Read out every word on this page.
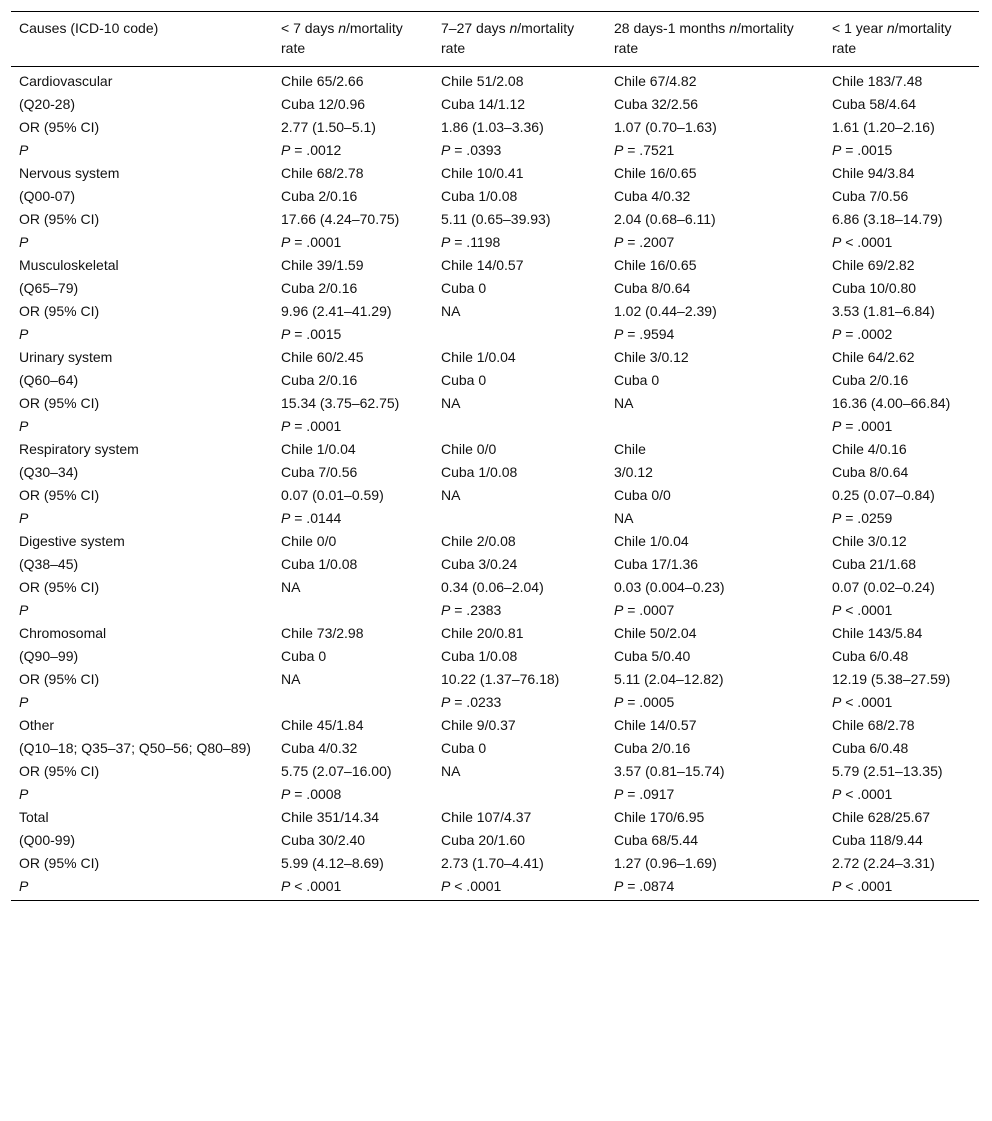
Causes (ICD-10 code)	< 7 days n/mortality rate	7–27 days n/mortality rate	28 days-1 months n/mortality rate	< 1 year n/mortality rate
Cardiovascular	Chile 65/2.66	Chile 51/2.08	Chile 67/4.82	Chile 183/7.48
(Q20-28)	Cuba 12/0.96	Cuba 14/1.12	Cuba 32/2.56	Cuba 58/4.64
OR (95% CI)	2.77 (1.50–5.1)	1.86 (1.03–3.36)	1.07 (0.70–1.63)	1.61 (1.20–2.16)
P	P = .0012	P = .0393	P = .7521	P = .0015
Nervous system	Chile 68/2.78	Chile 10/0.41	Chile 16/0.65	Chile 94/3.84
(Q00-07)	Cuba 2/0.16	Cuba 1/0.08	Cuba 4/0.32	Cuba 7/0.56
OR (95% CI)	17.66 (4.24–70.75)	5.11 (0.65–39.93)	2.04 (0.68–6.11)	6.86 (3.18–14.79)
P	P = .0001	P = .1198	P = .2007	P < .0001
Musculoskeletal	Chile 39/1.59	Chile 14/0.57	Chile 16/0.65	Chile 69/2.82
(Q65–79)	Cuba 2/0.16	Cuba 0	Cuba 8/0.64	Cuba 10/0.80
OR (95% CI)	9.96 (2.41–41.29)	NA	1.02 (0.44–2.39)	3.53 (1.81–6.84)
P	P = .0015		P = .9594	P = .0002
Urinary system	Chile 60/2.45	Chile 1/0.04	Chile 3/0.12	Chile 64/2.62
(Q60–64)	Cuba 2/0.16	Cuba 0	Cuba 0	Cuba 2/0.16
OR (95% CI)	15.34 (3.75–62.75)	NA	NA	16.36 (4.00–66.84)
P	P = .0001			P = .0001
Respiratory system	Chile 1/0.04	Chile 0/0	Chile	Chile 4/0.16
(Q30–34)	Cuba 7/0.56	Cuba 1/0.08	3/0.12	Cuba 8/0.64
OR (95% CI)	0.07 (0.01–0.59)	NA	Cuba 0/0	0.25 (0.07–0.84)
P	P = .0144		NA	P = .0259
Digestive system	Chile 0/0	Chile 2/0.08	Chile 1/0.04	Chile 3/0.12
(Q38–45)	Cuba 1/0.08	Cuba 3/0.24	Cuba 17/1.36	Cuba 21/1.68
OR (95% CI)	NA	0.34 (0.06–2.04)	0.03 (0.004–0.23)	0.07 (0.02–0.24)
P		P = .2383	P = .0007	P < .0001
Chromosomal	Chile 73/2.98	Chile 20/0.81	Chile 50/2.04	Chile 143/5.84
(Q90–99)	Cuba 0	Cuba 1/0.08	Cuba 5/0.40	Cuba 6/0.48
OR (95% CI)	NA	10.22 (1.37–76.18)	5.11 (2.04–12.82)	12.19 (5.38–27.59)
P		P = .0233	P = .0005	P < .0001
Other	Chile 45/1.84	Chile 9/0.37	Chile 14/0.57	Chile 68/2.78
(Q10–18; Q35–37; Q50–56; Q80–89)	Cuba 4/0.32	Cuba 0	Cuba 2/0.16	Cuba 6/0.48
OR (95% CI)	5.75 (2.07–16.00)	NA	3.57 (0.81–15.74)	5.79 (2.51–13.35)
P	P = .0008		P = .0917	P < .0001
Total	Chile 351/14.34	Chile 107/4.37	Chile 170/6.95	Chile 628/25.67
(Q00-99)	Cuba 30/2.40	Cuba 20/1.60	Cuba 68/5.44	Cuba 118/9.44
OR (95% CI)	5.99 (4.12–8.69)	2.73 (1.70–4.41)	1.27 (0.96–1.69)	2.72 (2.24–3.31)
P	P < .0001	P < .0001	P = .0874	P < .0001
